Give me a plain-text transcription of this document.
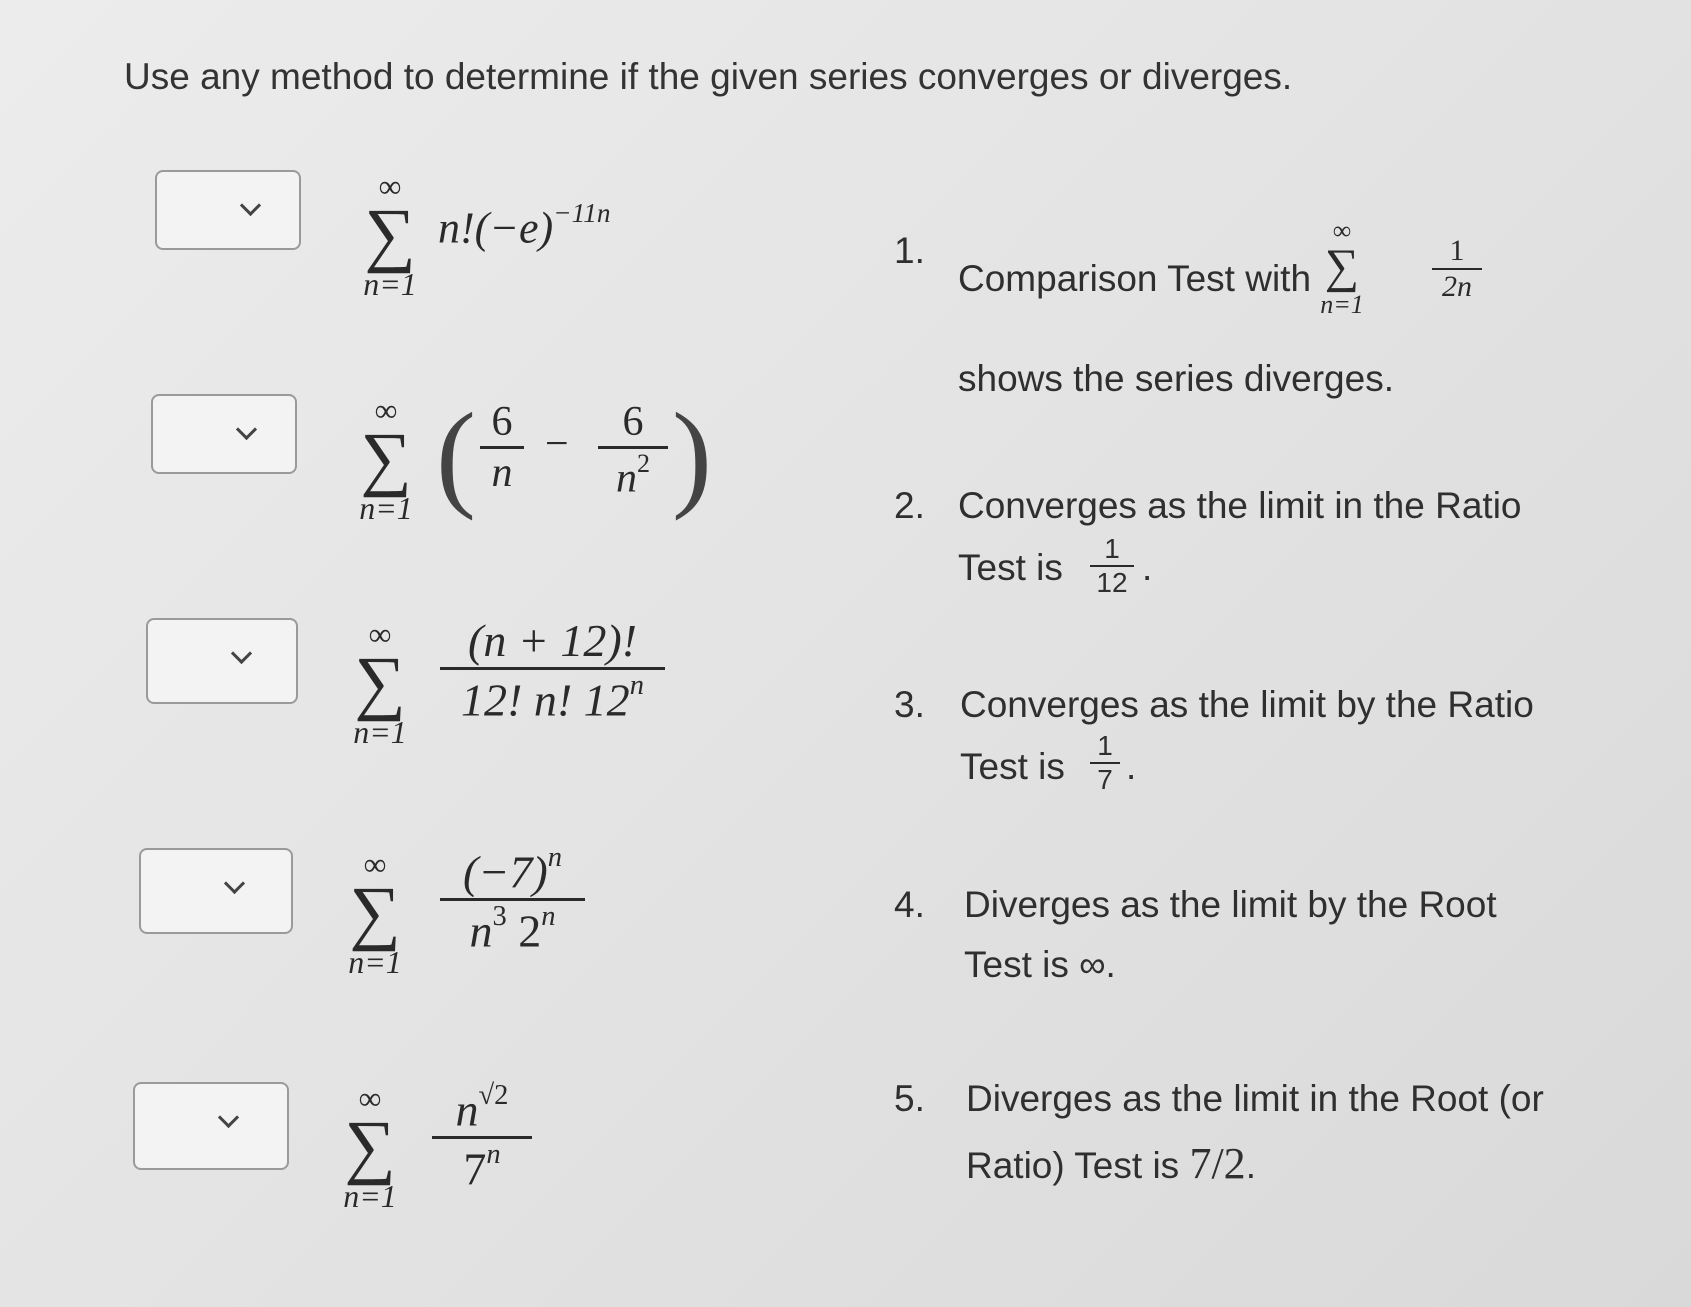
Use any method to determine if the given series converges or diverges.
∞
∑
n=1
$n!(-e)^{-11n}$
∞
∑
n=1 ( 6
n
−	6
$n^2$ )
∞
∑
n=1
(n + 12)!
12! n! 12$^n$
∞
∑
n=1
$(-7)^n$
$n^3$ 2$^n$
∞
∑
n=1
$n^{√2}$
7$^n$
1.
Comparison Test with
∞
∑
n=1
1
2n
shows the series diverges.
2. Converges as the limit in the Ratio
Test is	1
12 .
3. Converges as the limit by the Ratio
Test is
1
7 .
4. Diverges as the limit by the Root
Test is ∞.
5. Diverges as the limit in the Root (or
Ratio) Test is 7/2.
